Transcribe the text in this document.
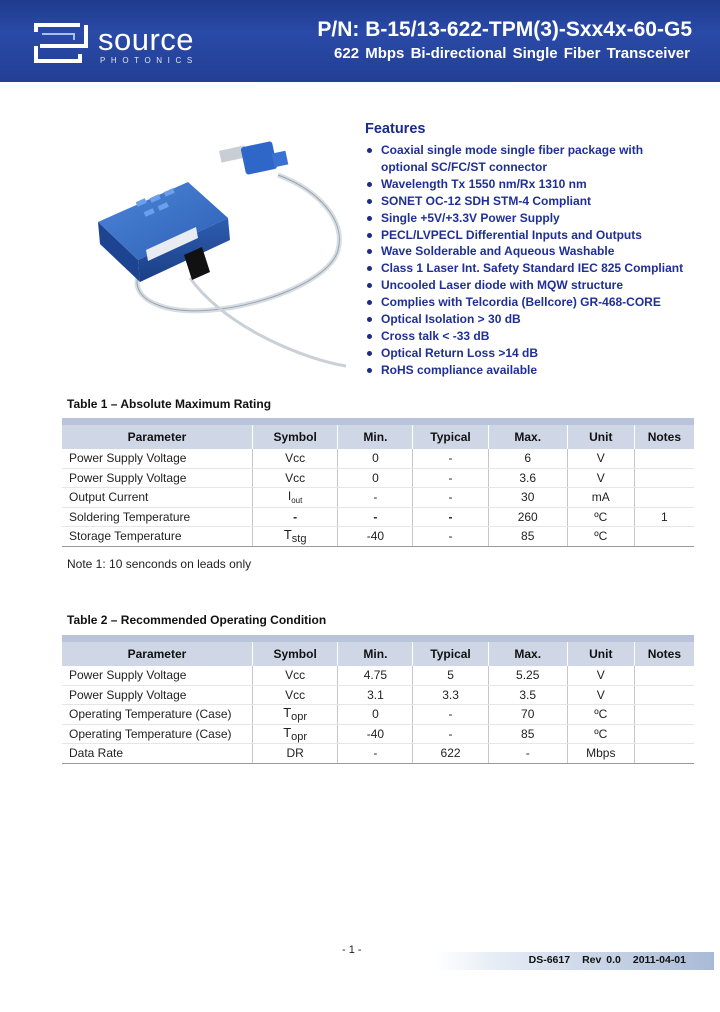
source
PHOTONICS
P/N: B-15/13-622-TPM(3)-Sxx4x-60-G5
622 Mbps Bi-directional Single Fiber Transceiver
Features
Coaxial single mode single fiber package with
optional SC/FC/ST connector
Wavelength Tx 1550 nm/Rx 1310 nm
SONET OC-12 SDH STM-4 Compliant
Single +5V/+3.3V Power Supply
PECL/LVPECL Differential Inputs and Outputs
Wave Solderable and Aqueous Washable
Class 1 Laser Int. Safety Standard IEC 825 Compliant
Uncooled Laser diode with MQW structure
Complies with Telcordia (Bellcore) GR-468-CORE
Optical Isolation > 30 dB
Cross talk < -33 dB
Optical Return Loss >14 dB
RoHS compliance available
Table 1 – Absolute Maximum Rating

Parameter	Symbol	Min.	Typical	Max.	Unit	Notes
Power Supply Voltage	Vcc	0	-	6	V	
Power Supply Voltage	Vcc	0	-	3.6	V	
Output Current	$I_{out}$	-	-	30	mA	
Soldering Temperature	-	-	-	260	ºC	1
Storage Temperature	Tstg	-40	-	85	ºC	
Note 1: 10 senconds on leads only
Table 2 – Recommended Operating Condition

Parameter	Symbol	Min.	Typical	Max.	Unit	Notes
Power Supply Voltage	Vcc	4.75	5	5.25	V	
Power Supply Voltage	Vcc	3.1	3.3	3.5	V	
Operating Temperature (Case)	Topr	0	-	70	ºC	
Operating Temperature (Case)	Topr	-40	-	85	ºC	
Data Rate	DR	-	622	-	Mbps	
- 1 -
DS-6617 Rev 0.0 2011-04-01
